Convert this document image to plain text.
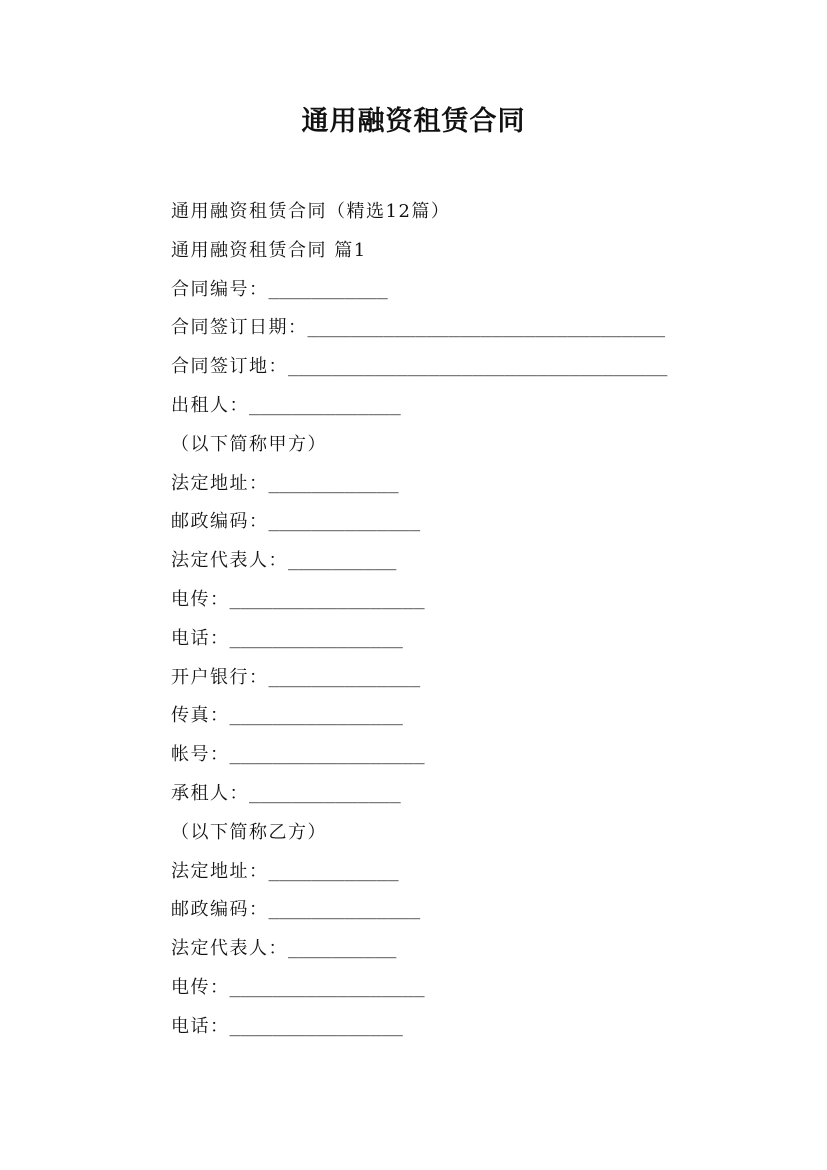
通用融资租赁合同
通用融资租赁合同（精选12篇）
通用融资租赁合同 篇1
合同编号：___________
合同签订日期：_________________________________
合同签订地：___________________________________
出租人：______________
（以下简称甲方）
法定地址：____________
邮政编码：______________
法定代表人：__________
电传：__________________
电话：________________
开户银行：______________
传真：________________
帐号：__________________
承租人：______________
（以下简称乙方）
法定地址：____________
邮政编码：______________
法定代表人：__________
电传：__________________
电话：________________
